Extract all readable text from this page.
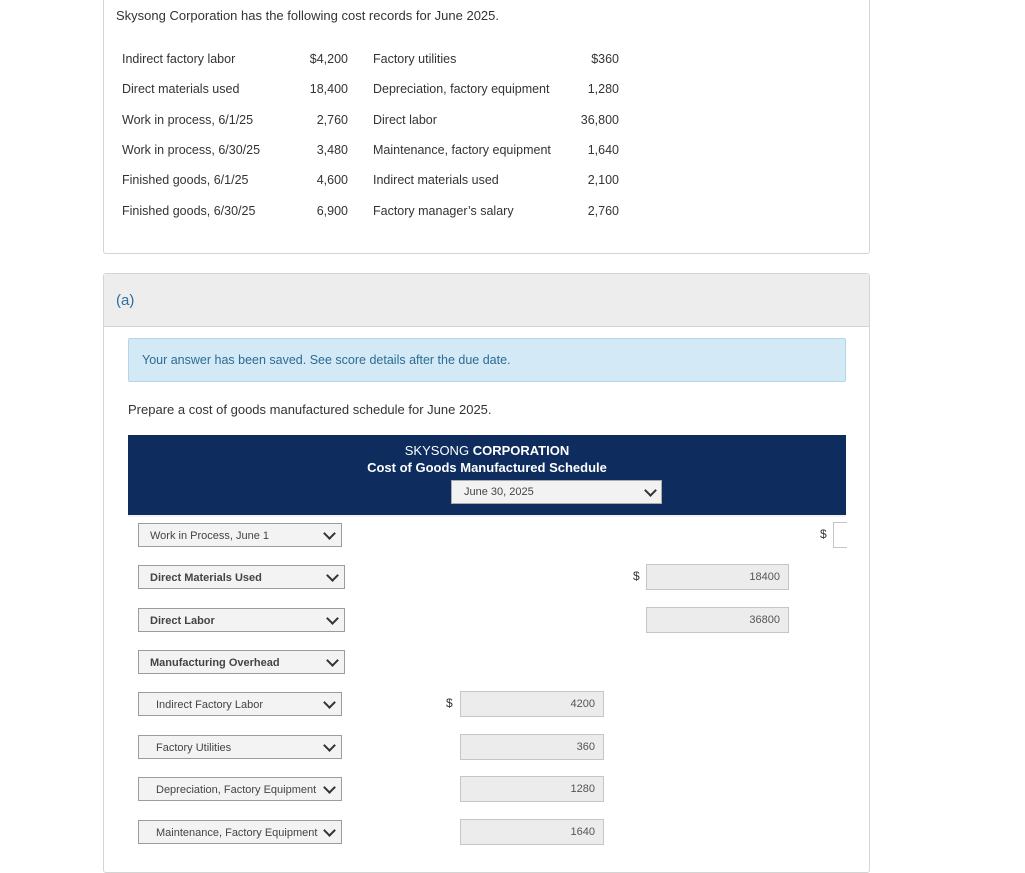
Skysong Corporation has the following cost records for June 2025.
Indirect factory labor	$4,200		Factory utilities	$360
Direct materials used	18,400		Depreciation, factory equipment	1,280
Work in process, 6/1/25	2,760		Direct labor	36,800
Work in process, 6/30/25	3,480		Maintenance, factory equipment	1,640
Finished goods, 6/1/25	4,600		Indirect materials used	2,100
Finished goods, 6/30/25	6,900		Factory manager’s salary	2,760
(a)
Your answer has been saved. See score details after the due date.
Prepare a cost of goods manufactured schedule for June 2025.
SKYSONG CORPORATION
Cost of Goods Manufactured Schedule
June 30, 2025
Work in Process, June 1	$
Direct Materials Used	$	18400
Direct Labor	36800
Manufacturing Overhead
Indirect Factory Labor	$	4200
Factory Utilities	360
Depreciation, Factory Equipment	1280
Maintenance, Factory Equipment	1640
